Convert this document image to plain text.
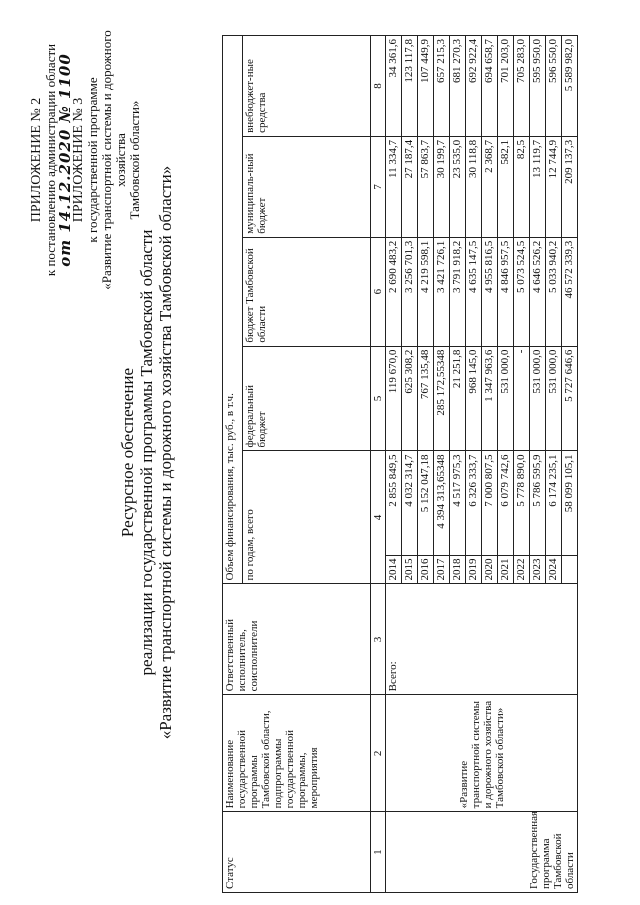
ПРИЛОЖЕНИЕ № 2 к постановлению администрации области
от 14.12.2020 № 1100
ПРИЛОЖЕНИЕ № 3 к государственной программе «Развитие транспортной системы и дорожного хозяйства Тамбовской области»
Ресурсное обеспечение реализации государственной программы Тамбовской области «Развитие транспортной системы и дорожного хозяйства Тамбовской области»
Статус	Наименование государственной программы Тамбовской области, подпрограммы государственной программы, мероприятия	Ответственный исполнитель, соисполнители	Объем финансирования, тыс. руб., в т.ч.					
			по годам, всего		федеральный бюджет	бюджет Тамбовской области	муниципаль-ный бюджет	внебюджет-ные средства
1	2	3	4		5	6	7	8
Государственная программа Тамбовской области	«Развитие транспортной системы и дорожного хозяйства Тамбовской области»	Всего:	2014	2 855 849,5	119 670,0	2 690 483,2	11 334,7	34 361,6
			2015	4 032 314,7	625 308,2	3 256 701,3	27 187,4	123 117,8
			2016	5 152 047,18	767 135,48	4 219 598,1	57 863,7	107 449,9
			2017	4 394 313,65348	285 172,55348	3 421 726,1	30 199,7	657 215,3
			2018	4 517 975,3	21 251,8	3 791 918,2	23 535,0	681 270,3
			2019	6 326 333,7	968 145,0	4 635 147,5	30 118,8	692 922,4
			2020	7 000 807,5	1 347 963,6	4 955 816,5	2 368,7	694 658,7
			2021	6 079 742,6	531 000,0	4 846 957,5	582,1	701 203,0
			2022	5 778 890,0	-	5 073 524,5	82,5	705 283,0
			2023	5 786 595,9	531 000,0	4 646 526,2	13 119,7	595 950,0
			2024	6 174 235,1	531 000,0	5 033 940,2	12 744,9	596 550,0
				58 099 105,1	5 727 646,6	46 572 339,3	209 137,3	5 589 982,0
